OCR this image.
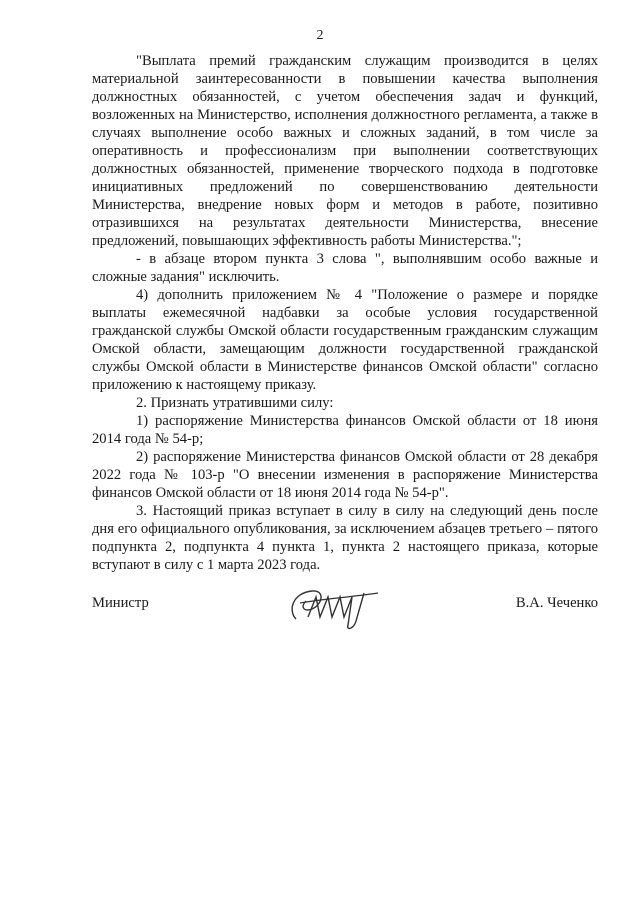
2

"Выплата премий гражданским служащим производится в целях материальной заинтересованности в повышении качества выполнения должностных обязанностей, с учетом обеспечения задач и функций, возложенных на Министерство, исполнения должностного регламента, а также в случаях выполнение особо важных и сложных заданий, в том числе за оперативность и профессионализм при выполнении соответствующих должностных обязанностей, применение творческого подхода в подготовке инициативных предложений по совершенствованию деятельности Министерства, внедрение новых форм и методов в работе, позитивно отразившихся на результатах деятельности Министерства, внесение предложений, повышающих эффективность работы Министерства.";

- в абзаце втором пункта 3 слова ", выполнявшим особо важные и сложные задания" исключить.

4) дополнить приложением № 4 "Положение о размере и порядке выплаты ежемесячной надбавки за особые условия государственной гражданской службы Омской области государственным гражданским служащим Омской области, замещающим должности государственной гражданской службы Омской области в Министерстве финансов Омской области" согласно приложению к настоящему приказу.

2. Признать утратившими силу:

1) распоряжение Министерства финансов Омской области от 18 июня 2014 года № 54-р;

2) распоряжение Министерства финансов Омской области от 28 декабря 2022 года № 103-р "О внесении изменения в распоряжение Министерства финансов Омской области от 18 июня 2014 года № 54-р".

3. Настоящий приказ вступает в силу в силу на следующий день после дня его официального опубликования, за исключением абзацев третьего – пятого подпункта 2, подпункта 4 пункта 1, пункта 2 настоящего приказа, которые вступают в силу с 1 марта 2023 года.

Министр	В.А. Чеченко
